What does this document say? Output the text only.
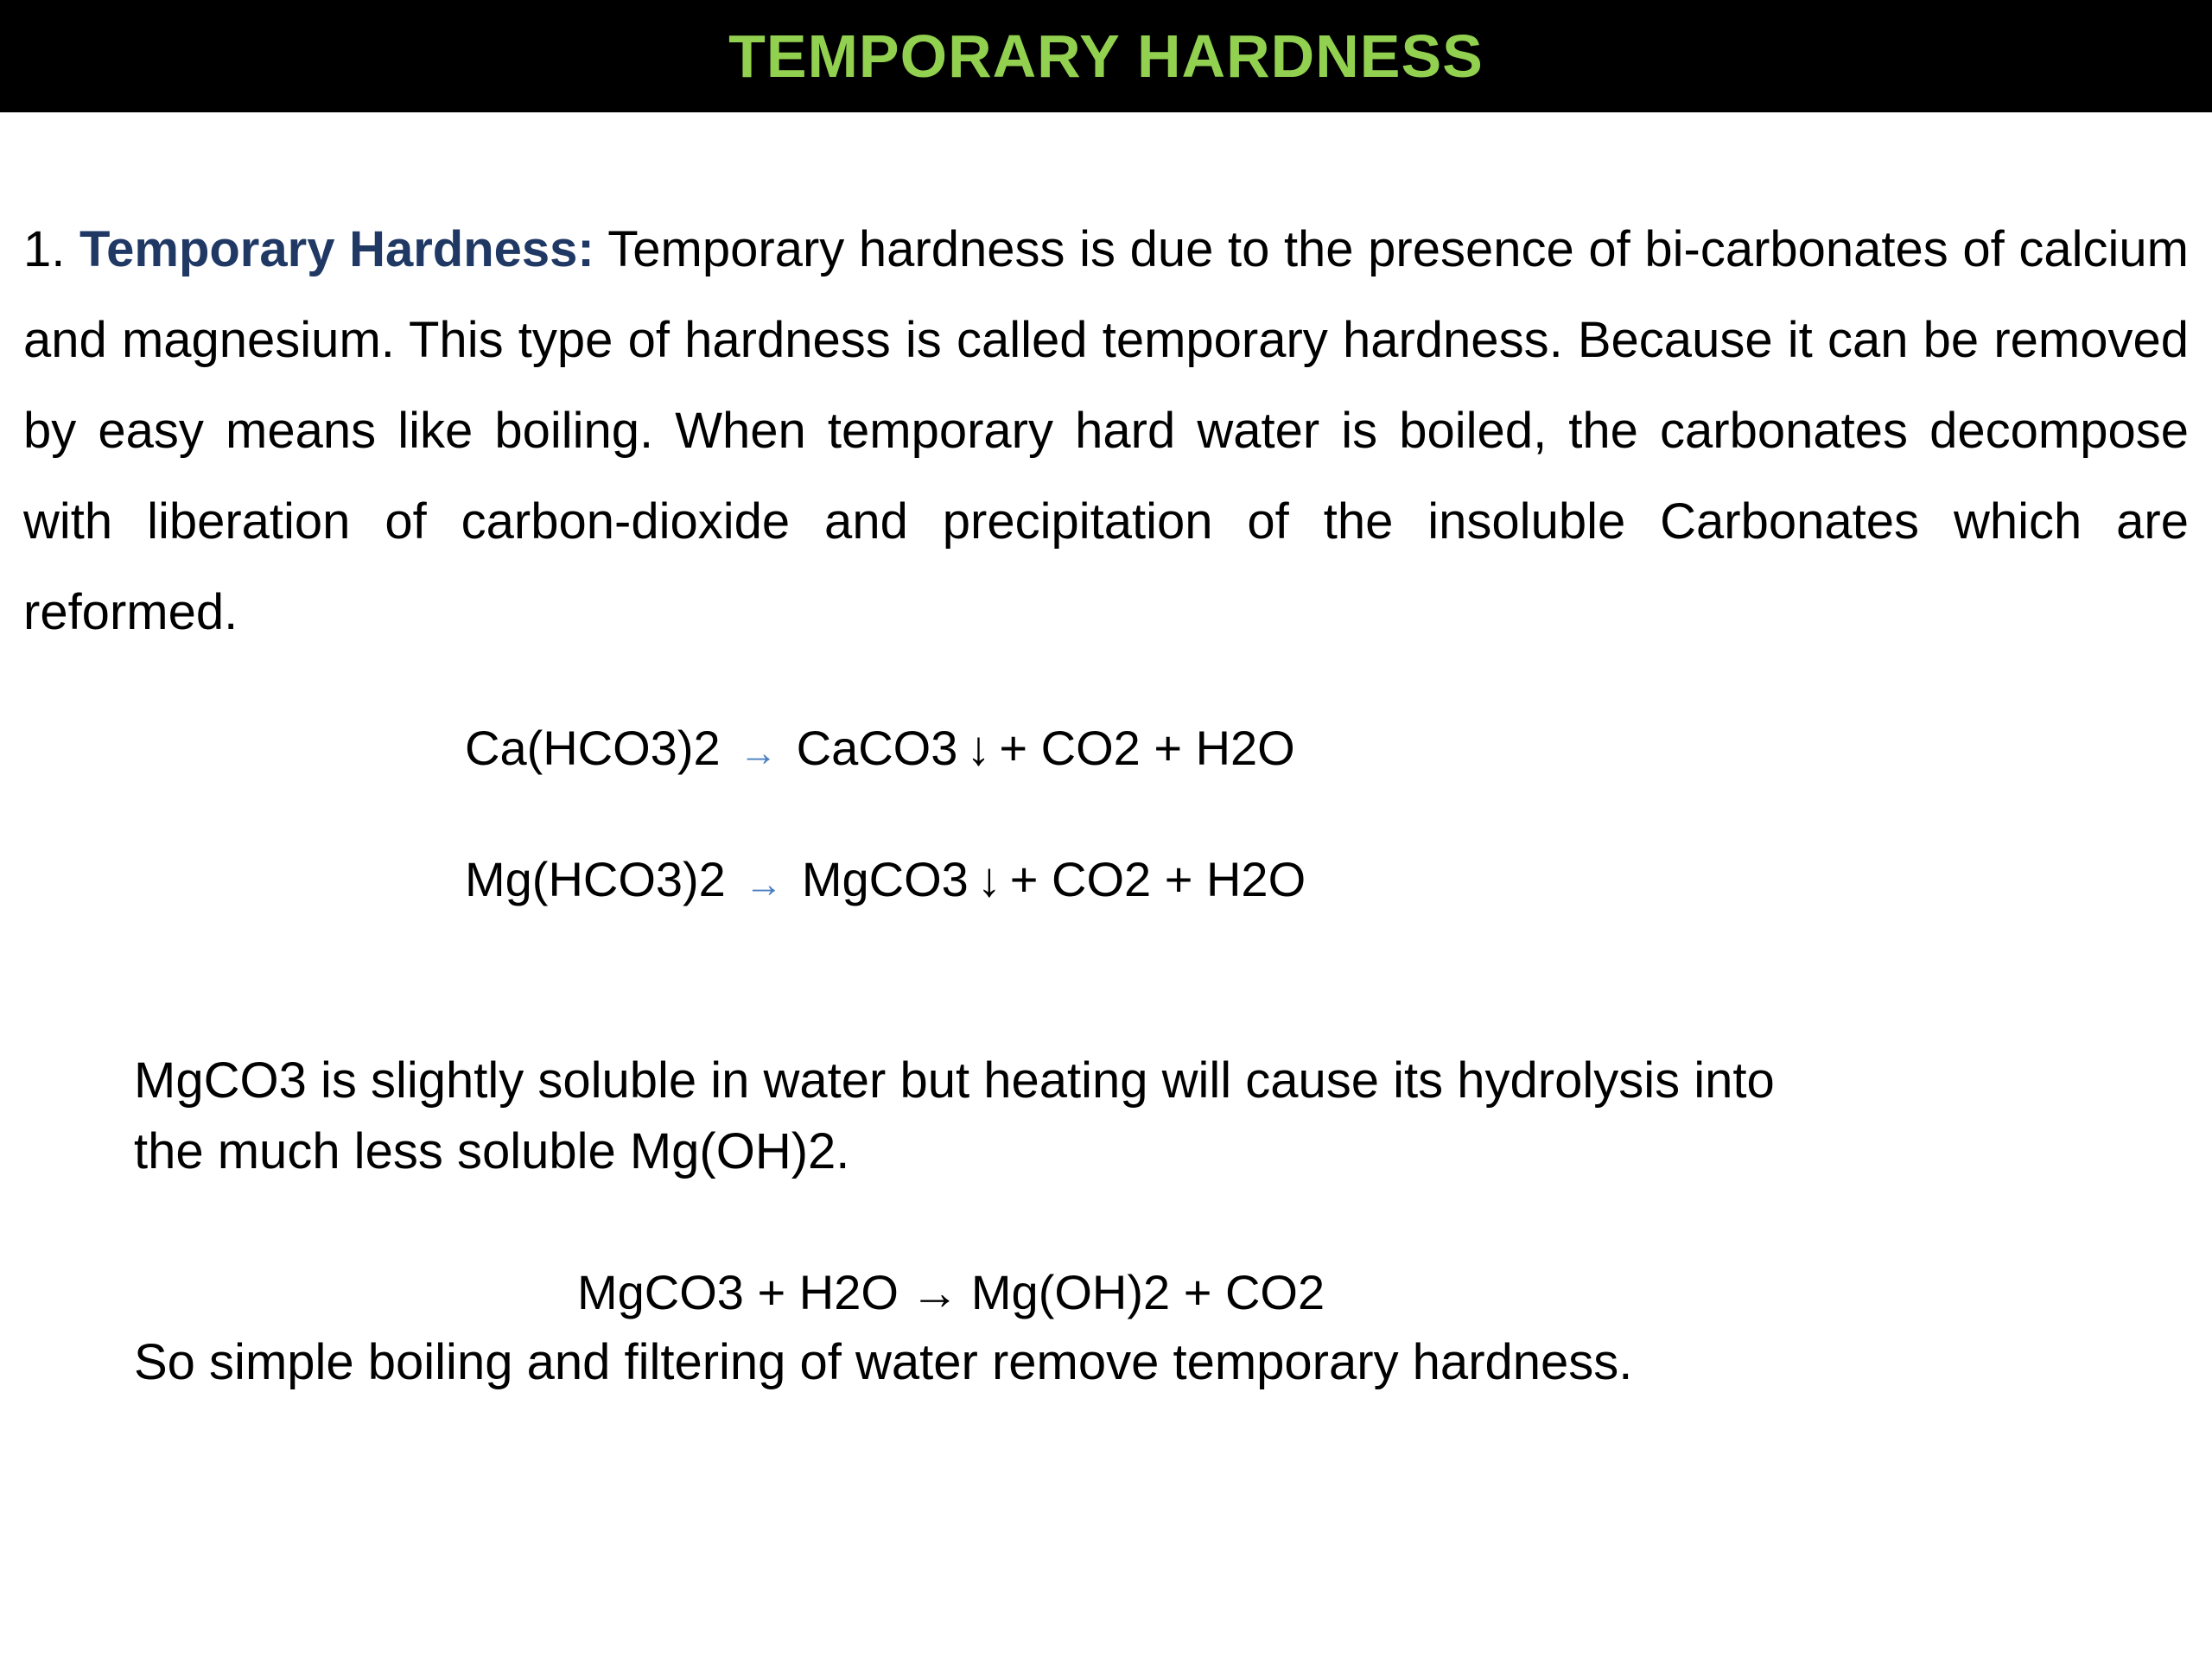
TEMPORARY HARDNESS

1. Temporary Hardness: Temporary hardness is due to the presence of bi-carbonates of calcium and magnesium. This type of hardness is called temporary hardness. Because it can be removed by easy means like boiling. When temporary hard water is boiled, the carbonates decompose with liberation of carbon-dioxide and precipitation of the insoluble Carbonates which are reformed.

Ca(HCO3)2 → CaCO3 ↓ + CO2 + H2O
Mg(HCO3)2 → MgCO3 ↓ + CO2 + H2O

MgCO3 is slightly soluble in water but heating will cause its hydrolysis into
the much less soluble Mg(OH)2.

MgCO3 + H2O → Mg(OH)2 + CO2

So simple boiling and filtering of water remove temporary hardness.
